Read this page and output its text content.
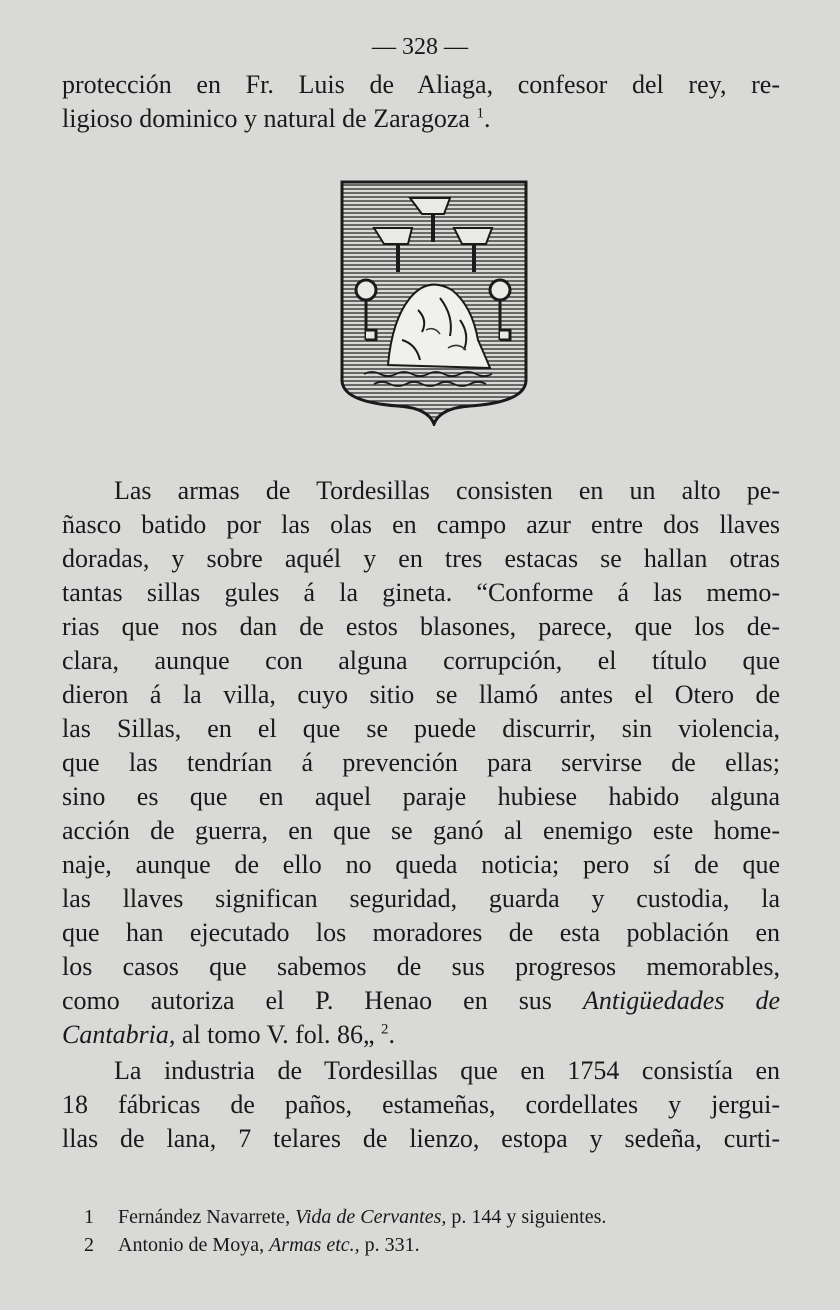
— 328 —
protección en Fr. Luis de Aliaga, confesor del rey, re-
ligioso dominico y natural de Zaragoza $^1$.
Las armas de Tordesillas consisten en un alto pe-
ñasco batido por las olas en campo azur entre dos llaves
doradas, y sobre aquél y en tres estacas se hallan otras
tantas sillas gules á la gineta. “Conforme á las memo-
rias que nos dan de estos blasones, parece, que los de-
clara, aunque con alguna corrupción, el título que
dieron á la villa, cuyo sitio se llamó antes el Otero de
las Sillas, en el que se puede discurrir, sin violencia,
que las tendrían á prevención para servirse de ellas;
sino es que en aquel paraje hubiese habido alguna
acción de guerra, en que se ganó al enemigo este home-
naje, aunque de ello no queda noticia; pero sí de que
las llaves significan seguridad, guarda y custodia, la
que han ejecutado los moradores de esta población en
los casos que sabemos de sus progresos memorables,
como autoriza el P. Henao en sus Antigüedades de
Cantabria, al tomo V. fol. 86„ $^2$.
La industria de Tordesillas que en 1754 consistía en
18 fábricas de paños, estameñas, cordellates y jergui-
llas de lana, 7 telares de lienzo, estopa y sedeña, curti-
1 Fernández Navarrete, Vida de Cervantes, p. 144 y siguientes.
2 Antonio de Moya, Armas etc., p. 331.
